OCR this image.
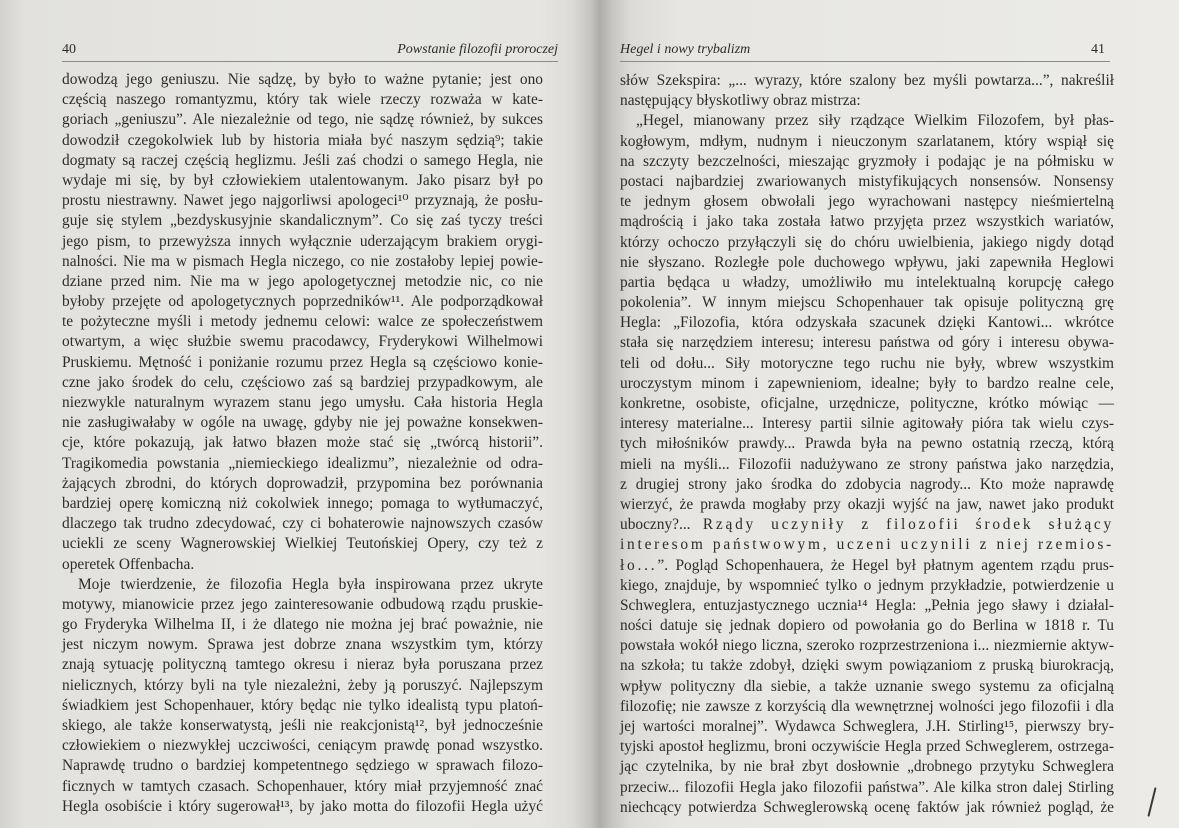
40	Powstanie filozofii proroczej
dowodzą jego geniuszu. Nie sądzę, by było to ważne pytanie; jest ono
częścią naszego romantyzmu, który tak wiele rzeczy rozważa w kate-
goriach „geniuszu”. Ale niezależnie od tego, nie sądzę również, by sukces
dowodził czegokolwiek lub by historia miała być naszym sędzią⁹; takie
dogmaty są raczej częścią heglizmu. Jeśli zaś chodzi o samego Hegla, nie
wydaje mi się, by był człowiekiem utalentowanym. Jako pisarz był po
prostu niestrawny. Nawet jego najgorliwsi apologeci¹⁰ przyznają, że posłu-
guje się stylem „bezdyskusyjnie skandalicznym”. Co się zaś tyczy treści
jego pism, to przewyższa innych wyłącznie uderzającym brakiem orygi-
nalności. Nie ma w pismach Hegla niczego, co nie zostałoby lepiej powie-
dziane przed nim. Nie ma w jego apologetycznej metodzie nic, co nie
byłoby przejęte od apologetycznych poprzedników¹¹. Ale podporządkował
te pożyteczne myśli i metody jednemu celowi: walce ze społeczeństwem
otwartym, a więc służbie swemu pracodawcy, Fryderykowi Wilhelmowi
Pruskiemu. Mętność i poniżanie rozumu przez Hegla są częściowo konie-
czne jako środek do celu, częściowo zaś są bardziej przypadkowym, ale
niezwykle naturalnym wyrazem stanu jego umysłu. Cała historia Hegla
nie zasługiwałaby w ogóle na uwagę, gdyby nie jej poważne konsekwen-
cje, które pokazują, jak łatwo błazen może stać się „twórcą historii”.
Tragikomedia powstania „niemieckiego idealizmu”, niezależnie od odra-
żających zbrodni, do których doprowadził, przypomina bez porównania
bardziej operę komiczną niż cokolwiek innego; pomaga to wytłumaczyć,
dlaczego tak trudno zdecydować, czy ci bohaterowie najnowszych czasów
uciekli ze sceny Wagnerowskiej Wielkiej Teutońskiej Opery, czy też z
operetek Offenbacha.
Moje twierdzenie, że filozofia Hegla była inspirowana przez ukryte
motywy, mianowicie przez jego zainteresowanie odbudową rządu pruskie-
go Fryderyka Wilhelma II, i że dlatego nie można jej brać poważnie, nie
jest niczym nowym. Sprawa jest dobrze znana wszystkim tym, którzy
znają sytuację polityczną tamtego okresu i nieraz była poruszana przez
nielicznych, którzy byli na tyle niezależni, żeby ją poruszyć. Najlepszym
świadkiem jest Schopenhauer, który będąc nie tylko idealistą typu platoń-
skiego, ale także konserwatystą, jeśli nie reakcjonistą¹², był jednocześnie
człowiekiem o niezwykłej uczciwości, ceniącym prawdę ponad wszystko.
Naprawdę trudno o bardziej kompetentnego sędziego w sprawach filozo-
ficznych w tamtych czasach. Schopenhauer, który miał przyjemność znać
Hegla osobiście i który sugerował¹³, by jako motta do filozofii Hegla użyć
Hegel i nowy trybalizm	41
słów Szekspira: „... wyrazy, które szalony bez myśli powtarza...”, nakreślił
następujący błyskotliwy obraz mistrza:
„Hegel, mianowany przez siły rządzące Wielkim Filozofem, był płas-
kogłowym, mdłym, nudnym i nieuczonym szarlatanem, który wspiął się
na szczyty bezczelności, mieszając gryzmoły i podając je na półmisku w
postaci najbardziej zwariowanych mistyfikujących nonsensów. Nonsensy
te jednym głosem obwołali jego wyrachowani następcy nieśmiertelną
mądrością i jako taka została łatwo przyjęta przez wszystkich wariatów,
którzy ochoczo przyłączyli się do chóru uwielbienia, jakiego nigdy dotąd
nie słyszano. Rozległe pole duchowego wpływu, jaki zapewniła Heglowi
partia będąca u władzy, umożliwiło mu intelektualną korupcję całego
pokolenia”. W innym miejscu Schopenhauer tak opisuje polityczną grę
Hegla: „Filozofia, która odzyskała szacunek dzięki Kantowi... wkrótce
stała się narzędziem interesu; interesu państwa od góry i interesu obywa-
teli od dołu... Siły motoryczne tego ruchu nie były, wbrew wszystkim
uroczystym minom i zapewnieniom, idealne; były to bardzo realne cele,
konkretne, osobiste, oficjalne, urzędnicze, polityczne, krótko mówiąc —
interesy materialne... Interesy partii silnie agitowały pióra tak wielu czys-
tych miłośników prawdy... Prawda była na pewno ostatnią rzeczą, którą
mieli na myśli... Filozofii nadużywano ze strony państwa jako narzędzia,
z drugiej strony jako środka do zdobycia nagrody... Kto może naprawdę
wierzyć, że prawda mogłaby przy okazji wyjść na jaw, nawet jako produkt
uboczny?... Rządy uczyniły z filozofii środek służący
interesom państwowym, uczeni uczynili z niej rzemios-
ło...”. Pogląd Schopenhauera, że Hegel był płatnym agentem rządu prus-
kiego, znajduje, by wspomnieć tylko o jednym przykładzie, potwierdzenie u
Schweglera, entuzjastycznego ucznia¹⁴ Hegla: „Pełnia jego sławy i działal-
ności datuje się jednak dopiero od powołania go do Berlina w 1818 r. Tu
powstała wokół niego liczna, szeroko rozprzestrzeniona i... niezmiernie aktyw-
na szkoła; tu także zdobył, dzięki swym powiązaniom z pruską biurokracją,
wpływ polityczny dla siebie, a także uznanie swego systemu za oficjalną
filozofię; nie zawsze z korzyścią dla wewnętrznej wolności jego filozofii i dla
jej wartości moralnej”. Wydawca Schweglera, J.H. Stirling¹⁵, pierwszy bry-
tyjski apostoł heglizmu, broni oczywiście Hegla przed Schweglerem, ostrzega-
jąc czytelnika, by nie brał zbyt dosłownie „drobnego przytyku Schweglera
przeciw... filozofii Hegla jako filozofii państwa”. Ale kilka stron dalej Stirling
niechcący potwierdza Schweglerowską ocenę faktów jak również pogląd, że
